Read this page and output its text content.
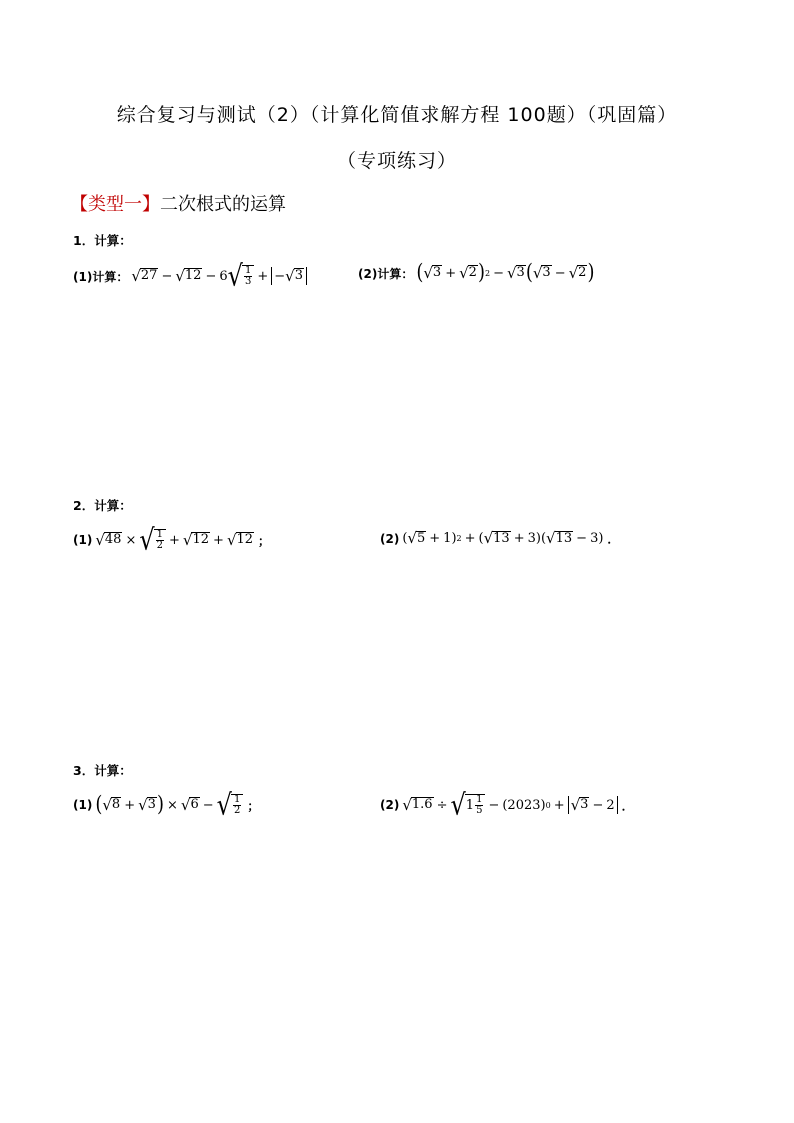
综合复习与测试（2）（计算化简值求解方程 100题）（巩固篇）
（专项练习）
【类型一】二次根式的运算
1．计算：
(1)计算： √ 27 − √ 12 − 6 √ $\frac{1}{3}$ + − √ 3	(2)计算： ( √ 3 + √ 2 ) 2 − √ 3 ( √ 3 − √ 2 )
2．计算：
(1) √ 48 × √ $\frac{1}{2}$ + √ 12 + √ 12 ；	(2) ( √ 5 + 1 ) 2 + ( √ 13 + 3 )( √ 13 − 3 ) ．
3．计算：
(1) ( √ 8 + √ 3 ) × √ 6 − √ $\frac{1}{2}$ ；	(2) √ 1.6 ÷ √ $1 \frac{1}{5}$ − ( 2023 ) 0 + √ 3 − 2 ．
